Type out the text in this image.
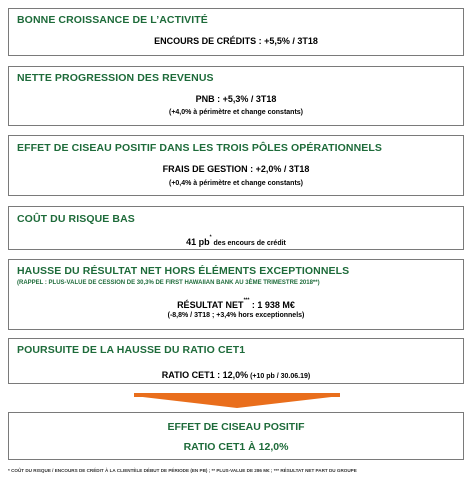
BONNE CROISSANCE DE L’ACTIVITÉ
ENCOURS DE CRÉDITS : +5,5% / 3T18
NETTE PROGRESSION DES REVENUS
PNB : +5,3% / 3T18
(+4,0% à périmètre et change constants)
EFFET DE CISEAU POSITIF DANS LES TROIS PÔLES OPÉRATIONNELS
FRAIS DE GESTION : +2,0% / 3T18
(+0,4% à périmètre et change constants)
COÛT DU RISQUE BAS
41 pb* des encours de crédit
HAUSSE DU RÉSULTAT NET HORS ÉLÉMENTS EXCEPTIONNELS
(RAPPEL : PLUS-VALUE DE CESSION DE 30,3% DE FIRST HAWAIIAN BANK AU 3ÈME TRIMESTRE 2018**)
RÉSULTAT NET*** : 1 938 M€
(-8,8% / 3T18 ; +3,4% hors exceptionnels)
POURSUITE DE LA HAUSSE DU RATIO CET1
RATIO CET1 : 12,0% (+10 pb / 30.06.19)
EFFET DE CISEAU POSITIF
RATIO CET1 À 12,0%
* COÛT DU RISQUE / ENCOURS DE CRÉDIT À LA CLIENTÈLE DÉBUT DE PÉRIODE (EN PB) ; ** PLUS-VALUE DE 286 M€ ; *** RÉSULTAT NET PART DU GROUPE
